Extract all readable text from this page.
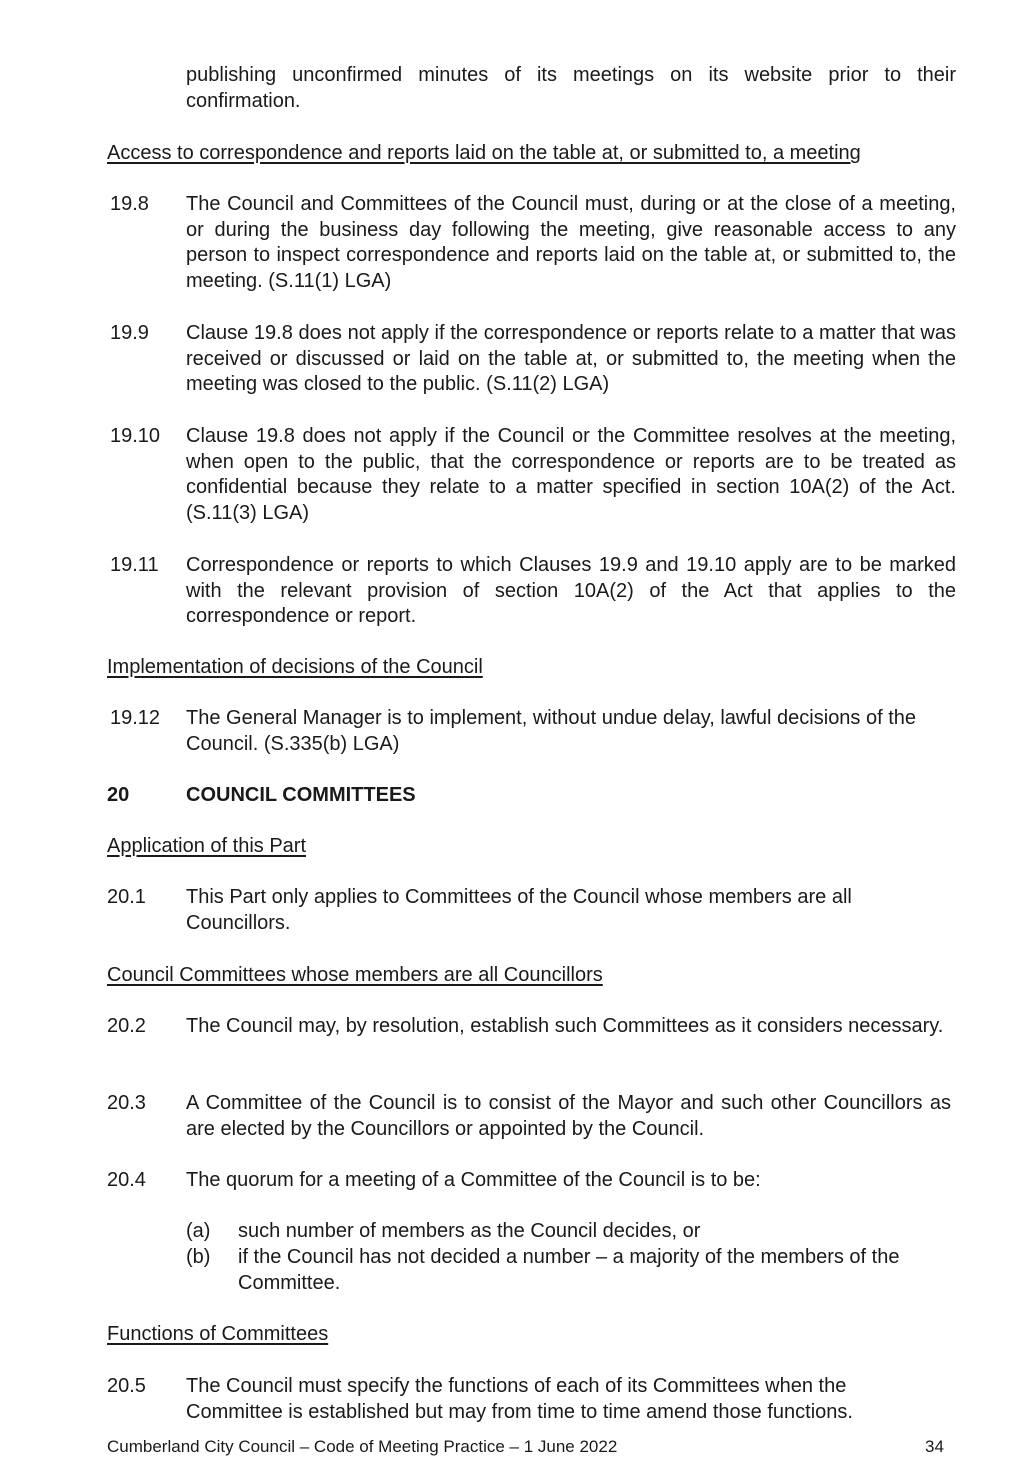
publishing unconfirmed minutes of its meetings on its website prior to their confirmation.
Access to correspondence and reports laid on the table at, or submitted to, a meeting
19.8 The Council and Committees of the Council must, during or at the close of a meeting, or during the business day following the meeting, give reasonable access to any person to inspect correspondence and reports laid on the table at, or submitted to, the meeting. (S.11(1) LGA)
19.9 Clause 19.8 does not apply if the correspondence or reports relate to a matter that was received or discussed or laid on the table at, or submitted to, the meeting when the meeting was closed to the public. (S.11(2) LGA)
19.10 Clause 19.8 does not apply if the Council or the Committee resolves at the meeting, when open to the public, that the correspondence or reports are to be treated as confidential because they relate to a matter specified in section 10A(2) of the Act. (S.11(3) LGA)
19.11 Correspondence or reports to which Clauses 19.9 and 19.10 apply are to be marked with the relevant provision of section 10A(2) of the Act that applies to the correspondence or report.
Implementation of decisions of the Council
19.12 The General Manager is to implement, without undue delay, lawful decisions of the Council. (S.335(b) LGA)
20	COUNCIL COMMITTEES
Application of this Part
20.1 This Part only applies to Committees of the Council whose members are all Councillors.
Council Committees whose members are all Councillors
20.2 The Council may, by resolution, establish such Committees as it considers necessary.
20.3 A Committee of the Council is to consist of the Mayor and such other Councillors as are elected by the Councillors or appointed by the Council.
20.4 The quorum for a meeting of a Committee of the Council is to be:
(a) such number of members as the Council decides, or
(b) if the Council has not decided a number – a majority of the members of the Committee.
Functions of Committees
20.5 The Council must specify the functions of each of its Committees when the Committee is established but may from time to time amend those functions.
Cumberland City Council – Code of Meeting Practice – 1 June 2022	34
